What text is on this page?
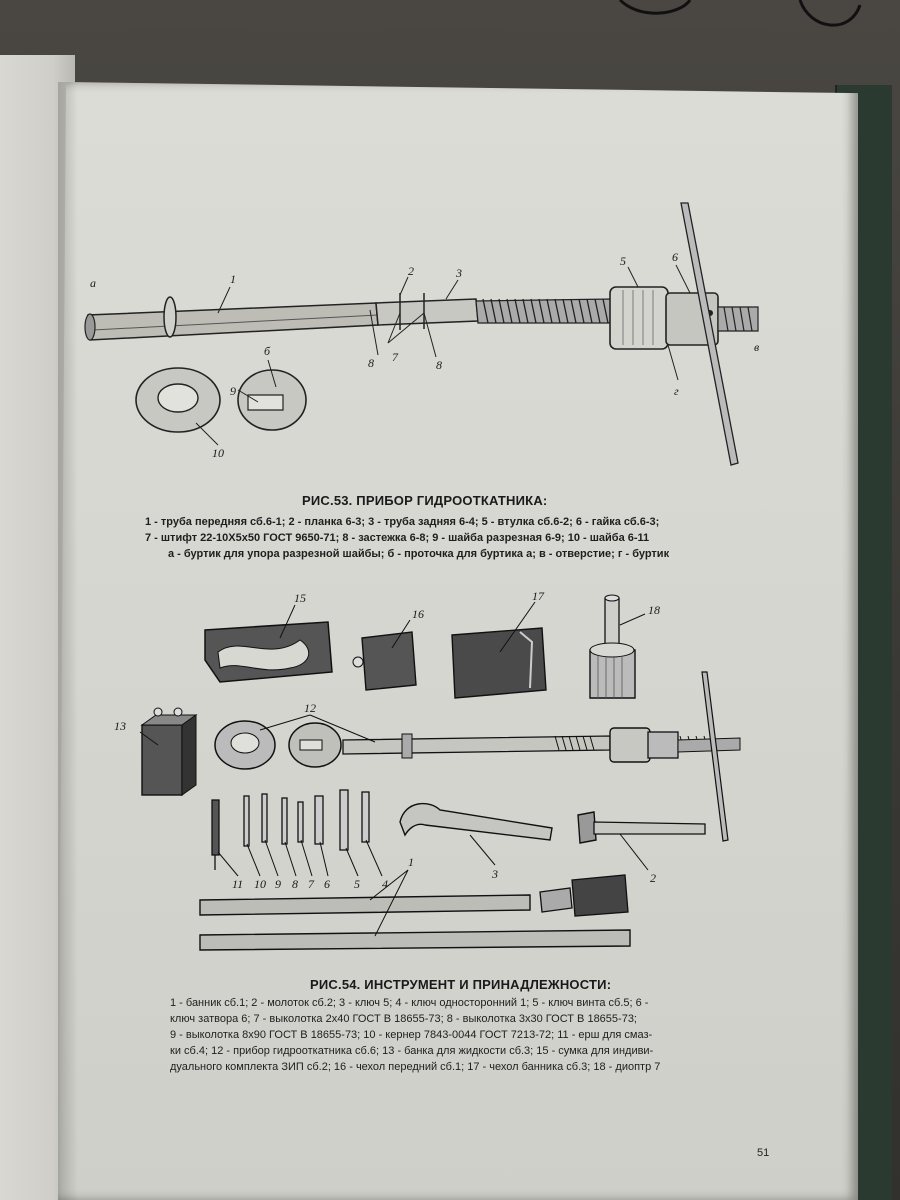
а	1
2	3
5	6
8 7
8
б
9
10
в
г
РИС.53. ПРИБОР ГИДРООТКАТНИКА:
1 - труба передняя сб.6-1; 2 - планка 6-3; 3 - труба задняя 6-4; 5 - втулка сб.6-2; 6 - гайка сб.6-3;
7 - штифт 22-10Х5х50 ГОСТ 9650-71; 8 - застежка 6-8; 9 - шайба разрезная 6-9; 10 - шайба 6-11
а - буртик для упора разрезной шайбы; б - проточка для буртика а; в - отверстие; г - буртик
15
16
17
18
13
12
11 10 9 8 7 6 5 4
3	2
1
РИС.54. ИНСТРУМЕНТ И ПРИНАДЛЕЖНОСТИ:
1 - банник сб.1; 2 - молоток сб.2; 3 - ключ 5; 4 - ключ односторонний 1; 5 - ключ винта сб.5; 6 -
ключ затвора 6; 7 - выколотка 2х40 ГОСТ В 18655-73; 8 - выколотка 3х30 ГОСТ В 18655-73;
9 - выколотка 8х90 ГОСТ В 18655-73; 10 - кернер 7843-0044 ГОСТ 7213-72; 11 - ерш для смаз-
ки сб.4; 12 - прибор гидрооткатника сб.6; 13 - банка для жидкости сб.3; 15 - сумка для индиви-
дуального комплекта ЗИП сб.2; 16 - чехол передний сб.1; 17 - чехол банника сб.3; 18 - диоптр 7
51
